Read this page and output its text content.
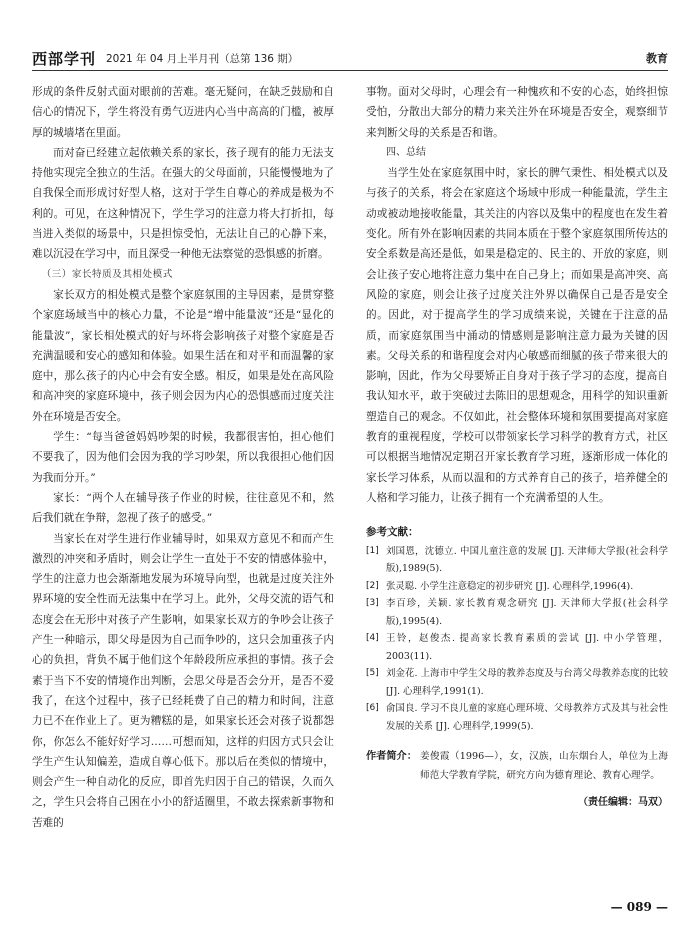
西部学刊 2021 年 04 月上半月刊（总第 136 期）	教育

形成的条件反射式面对眼前的苦难。毫无疑问，在缺乏鼓励和自信心的情况下，学生将没有勇气迈进内心当中高高的门槛，被厚厚的城墙堵在里面。

而对奋已经建立起依赖关系的家长，孩子现有的能力无法支持他实现完全独立的生活。在强大的父母面前，只能慢慢地为了自我保全而形成讨好型人格，这对于学生自尊心的养成是极为不利的。可见，在这种情况下，学生学习的注意力将大打折扣，每当进入类似的场景中，只是担惊受怕，无法让自己的心静下来，难以沉浸在学习中，而且深受一种他无法察觉的恐惧感的折磨。

（三）家长特质及其相处模式

家长双方的相处模式是整个家庭氛围的主导因素，是贯穿整个家庭场域当中的核心力量，不论是“增中能量波”还是“显化的能量波”，家长相处模式的好与坏将会影响孩子对整个家庭是否充满温暖和安心的感知和体验。如果生活在和对平和而温馨的家庭中，那么孩子的内心中会有安全感。相反，如果是处在高风险和高冲突的家庭环境中，孩子则会因为内心的恐惧感而过度关注外在环境是否安全。

学生：“每当爸爸妈妈吵架的时候，我都很害怕，担心他们不要我了，因为他们会因为我的学习吵架，所以我很担心他们因为我而分开。”

家长：“两个人在辅导孩子作业的时候，往往意见不和，然后我们就在争辩，忽视了孩子的感受。”

当家长在对学生进行作业辅导时，如果双方意见不和而产生激烈的冲突和矛盾时，则会让学生一直处于不安的情感体验中，学生的注意力也会渐渐地发展为环境导向型，也就是过度关注外界环境的安全性而无法集中在学习上。此外，父母交流的语气和态度会在无形中对孩子产生影响，如果家长双方的争吵会让孩子产生一种暗示，即父母是因为自己而争吵的，这只会加重孩子内心的负担，背负不属于他们这个年龄段所应承担的事情。孩子会素于当下不安的情境作出判断，会思父母是否会分开，是否不爱我了，在这个过程中，孩子已经耗费了自己的精力和时间，注意力已不在作业上了。更为糟糕的是，如果家长还会对孩子说都怨你，你怎么不能好好学习……可想而知，这样的归因方式只会让学生产生认知偏差，造成自尊心低下。那以后在类似的情境中，则会产生一种自动化的反应，即首先归因于自己的错误，久而久之，学生只会将自己困在小小的舒适圈里，不敢去探索新事物和苦难的

事物。面对父母时，心理会有一种愧疚和不安的心态，始终担惊受怕，分散出大部分的精力来关注外在环境是否安全，观察细节来判断父母的关系是否和谐。

四、总结

当学生处在家庭氛围中时，家长的脾气秉性、相处模式以及与孩子的关系，将会在家庭这个场域中形成一种能量流，学生主动或被动地接收能量，其关注的内容以及集中的程度也在发生着变化。所有外在影响因素的共同本质在于整个家庭氛围所传达的安全系数是高还是低，如果是稳定的、民主的、开放的家庭，则会让孩子安心地将注意力集中在自己身上；而如果是高冲突、高风险的家庭，则会让孩子过度关注外界以确保自己是否是安全的。因此，对于提高学生的学习成绩来说，关键在于注意的品质，而家庭氛围当中涌动的情感则是影响注意力最为关键的因素。父母关系的和谐程度会对内心敏感而细腻的孩子带来很大的影响，因此，作为父母要矫正自身对于孩子学习的态度，提高自我认知水平，敢于突破过去陈旧的思想观念，用科学的知识重新塑造自己的观念。不仅如此，社会整体环境和氛围要提高对家庭教育的重视程度，学校可以带领家长学习科学的教育方式，社区可以根据当地情况定期召开家长教育学习班，逐渐形成一体化的家长学习体系，从而以温和的方式养育自己的孩子，培养健全的人格和学习能力，让孩子拥有一个充满希望的人生。

参考文献：

[1] 刘国恩，沈德立. 中国儿童注意的发展 [J]. 天津师大学报(社会科学版),1989(5).
[2] 张灵聪. 小学生注意稳定的初步研究 [J]. 心理科学,1996(4).
[3] 李百珍，关颖. 家长教育观念研究 [J]. 天津师大学报(社会科学版),1995(4).
[4] 王铃，赵俊杰. 提高家长教育素质的尝试 [J]. 中小学管理，2003(11).
[5] 刘金花. 上海市中学生父母的教养态度及与台湾父母教养态度的比较 [J]. 心理科学,1991(1).
[6] 俞国良. 学习不良儿童的家庭心理环境、父母教养方式及其与社会性发展的关系 [J]. 心理科学,1999(5).
作者简介： 姜俊霞（1996—），女，汉族，山东烟台人，单位为上海师范大学教育学院，研究方向为德育理论、教育心理学。
（责任编辑：马双）
— 089 —
